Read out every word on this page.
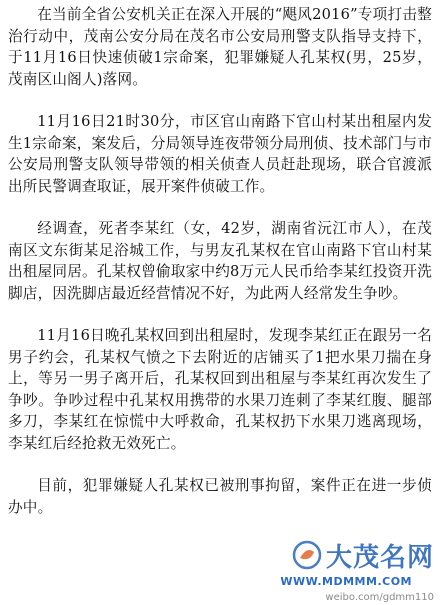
在当前全省公安机关正在深入开展的“飓风2016”专项打击整治行动中，茂南公安分局在茂名市公安局刑警支队指导支持下，于11月16日快速侦破1宗命案，犯罪嫌疑人孔某权(男，25岁，茂南区山阁人)落网。

11月16日21时30分，市区官山南路下官山村某出租屋内发生1宗命案，案发后，分局领导连夜带领分局刑侦、技术部门与市公安局刑警支队领导带领的相关侦查人员赶赴现场，联合官渡派出所民警调查取证，展开案件侦破工作。

经调查，死者李某红（女，42岁，湖南省沅江市人），在茂南区文东街某足浴城工作，与男友孔某权在官山南路下官山村某出租屋同居。孔某权曾偷取家中约8万元人民币给李某红投资开洗脚店，因洗脚店最近经营情况不好，为此两人经常发生争吵。

11月16日晚孔某权回到出租屋时，发现李某红正在跟另一名男子约会，孔某权气愤之下去附近的店铺买了1把水果刀揣在身上，等另一男子离开后，孔某权回到出租屋与李某红再次发生了争吵。争吵过程中孔某权用携带的水果刀连刺了李某红腹、腿部多刀，李某红在惊慌中大呼救命，孔某权扔下水果刀逃离现场，李某红后经抢救无效死亡。

目前，犯罪嫌疑人孔某权已被刑事拘留，案件正在进一步侦办中。

大茂名网
WWW.MDMMM.COM
weibo.com/gdmm110
